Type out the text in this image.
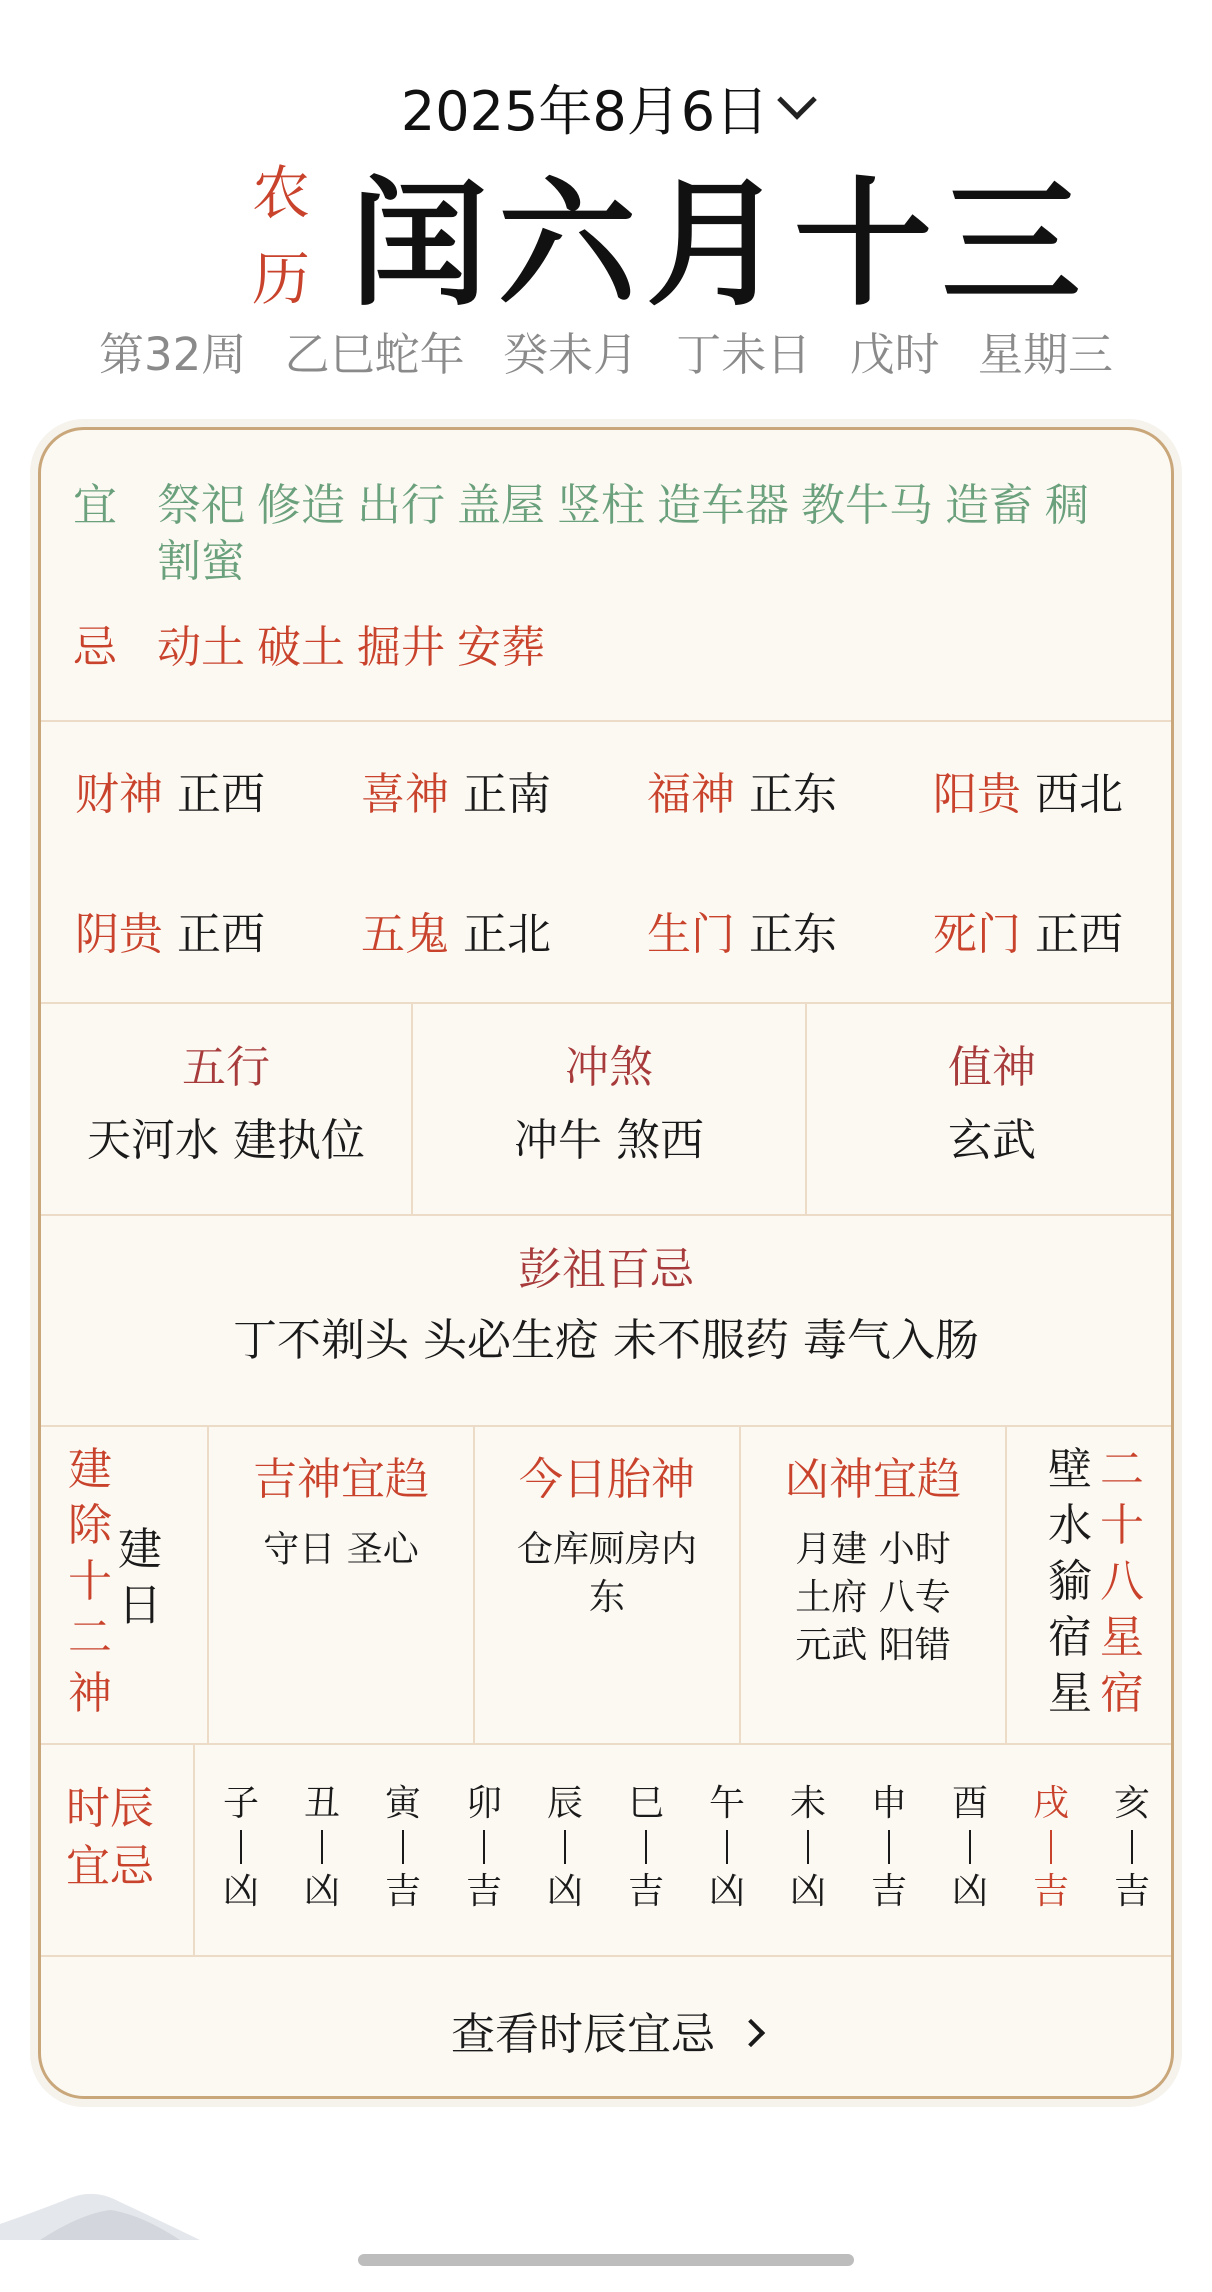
2025年8月6日
农
历 闰六月十三
第32周 乙巳蛇年 癸未月 丁未日 戊时 星期三
宜 祭祀 修造 出行 盖屋 竖柱 造车器 教牛马 造畜 稠割蜜
忌 动土 破土 掘井 安葬
财神 正西 喜神 正南 福神 正东 阳贵 西北
阴贵 正西 五鬼 正北 生门 正东 死门 正西
五行
天河水 建执位
冲煞
冲牛 煞西
值神
玄武
彭祖百忌
丁不剃头 头必生疮 未不服药 毒气入肠
建
除
十
二
神
建
日
吉神宜趋
守日 圣心
今日胎神
仓库厕房内
东
凶神宜趋
月建 小时
土府 八专
元武 阳错
壁
水
貐
宿
星
二
十
八
星
宿
时辰
宜忌
子
凶
丑
凶
寅
吉
卯
吉
辰
凶
巳
吉
午
凶
未
凶
申
吉
酉
凶
戌
吉
亥
吉
查看时辰宜忌
